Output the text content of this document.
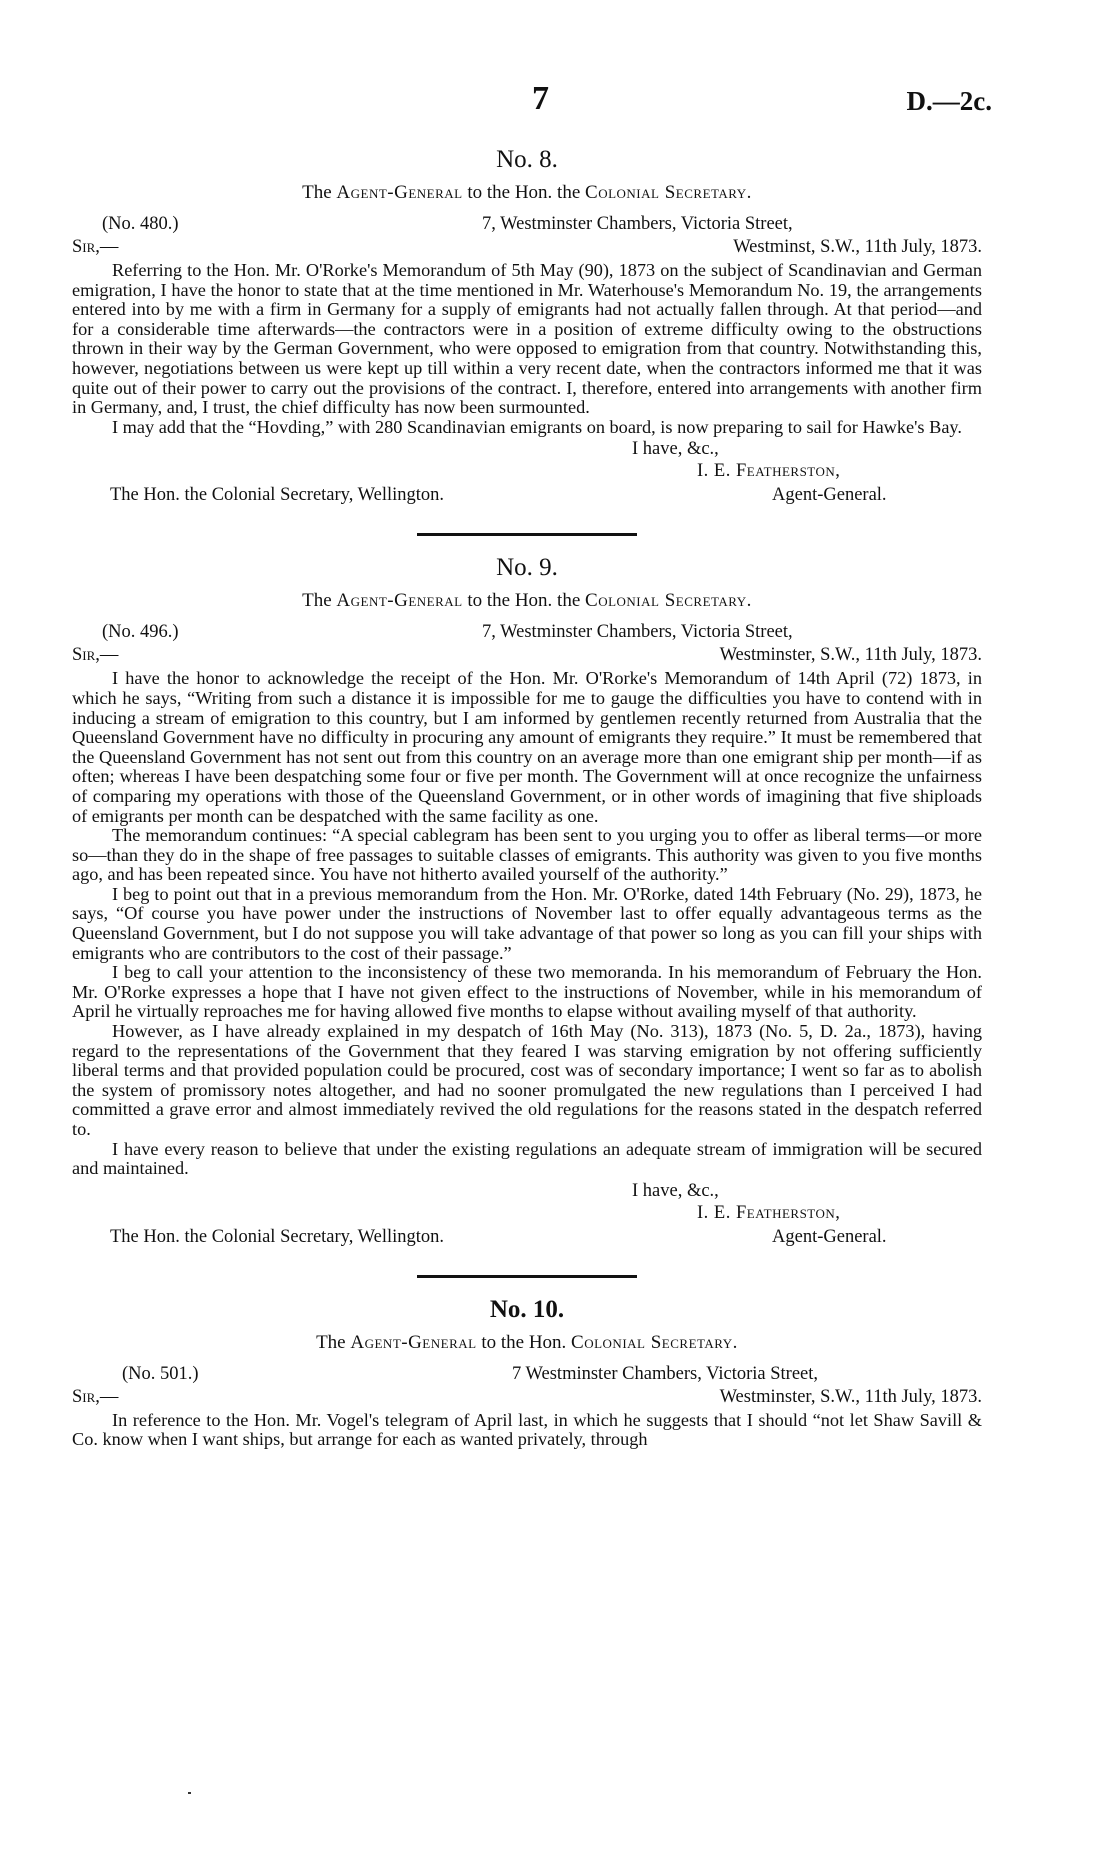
7	D.—2c.
No. 8.
The Agent-General to the Hon. the Colonial Secretary.
(No. 480.)	7, Westminster Chambers, Victoria Street,
Sir,—	Westminst, S.W., 11th July, 1873.

Referring to the Hon. Mr. O'Rorke's Memorandum of 5th May (90), 1873 on the subject of Scandinavian and German emigration, I have the honor to state that at the time mentioned in Mr. Waterhouse's Memorandum No. 19, the arrangements entered into by me with a firm in Germany for a supply of emigrants had not actually fallen through. At that period—and for a considerable time afterwards—the contractors were in a position of extreme difficulty owing to the obstructions thrown in their way by the German Government, who were opposed to emigration from that country. Notwithstanding this, however, negotiations between us were kept up till within a very recent date, when the contractors informed me that it was quite out of their power to carry out the provisions of the contract. I, therefore, entered into arrangements with another firm in Germany, and, I trust, the chief difficulty has now been surmounted.

I may add that the “Hovding,” with 280 Scandinavian emigrants on board, is now preparing to sail for Hawke's Bay.

I have, &c.,
I. E. Featherston,
The Hon. the Colonial Secretary, Wellington.	Agent-General.
No. 9.
The Agent-General to the Hon. the Colonial Secretary.
(No. 496.)	7, Westminster Chambers, Victoria Street,
Sir,—	Westminster, S.W., 11th July, 1873.

I have the honor to acknowledge the receipt of the Hon. Mr. O'Rorke's Memorandum of 14th April (72) 1873, in which he says, “Writing from such a distance it is impossible for me to gauge the difficulties you have to contend with in inducing a stream of emigration to this country, but I am informed by gentlemen recently returned from Australia that the Queensland Government have no difficulty in procuring any amount of emigrants they require.” It must be remembered that the Queensland Government has not sent out from this country on an average more than one emigrant ship per month—if as often; whereas I have been despatching some four or five per month. The Government will at once recognize the unfairness of comparing my operations with those of the Queensland Government, or in other words of imagining that five shiploads of emigrants per month can be despatched with the same facility as one.

The memorandum continues: “A special cablegram has been sent to you urging you to offer as liberal terms—or more so—than they do in the shape of free passages to suitable classes of emigrants. This authority was given to you five months ago, and has been repeated since. You have not hitherto availed yourself of the authority.”

I beg to point out that in a previous memorandum from the Hon. Mr. O'Rorke, dated 14th February (No. 29), 1873, he says, “Of course you have power under the instructions of November last to offer equally advantageous terms as the Queensland Government, but I do not suppose you will take advantage of that power so long as you can fill your ships with emigrants who are contributors to the cost of their passage.”

I beg to call your attention to the inconsistency of these two memoranda. In his memorandum of February the Hon. Mr. O'Rorke expresses a hope that I have not given effect to the instructions of November, while in his memorandum of April he virtually reproaches me for having allowed five months to elapse without availing myself of that authority.

However, as I have already explained in my despatch of 16th May (No. 313), 1873 (No. 5, D. 2a., 1873), having regard to the representations of the Government that they feared I was starving emigration by not offering sufficiently liberal terms and that provided population could be procured, cost was of secondary importance; I went so far as to abolish the system of promissory notes altogether, and had no sooner promulgated the new regulations than I perceived I had committed a grave error and almost immediately revived the old regulations for the reasons stated in the despatch referred to.

I have every reason to believe that under the existing regulations an adequate stream of immigration will be secured and maintained.

I have, &c.,
I. E. Featherston,
The Hon. the Colonial Secretary, Wellington.	Agent-General.
No. 10.
The Agent-General to the Hon. Colonial Secretary.
(No. 501.)	7 Westminster Chambers, Victoria Street,
Sir,—	Westminster, S.W., 11th July, 1873.

In reference to the Hon. Mr. Vogel's telegram of April last, in which he suggests that I should “not let Shaw Savill & Co. know when I want ships, but arrange for each as wanted privately, through
